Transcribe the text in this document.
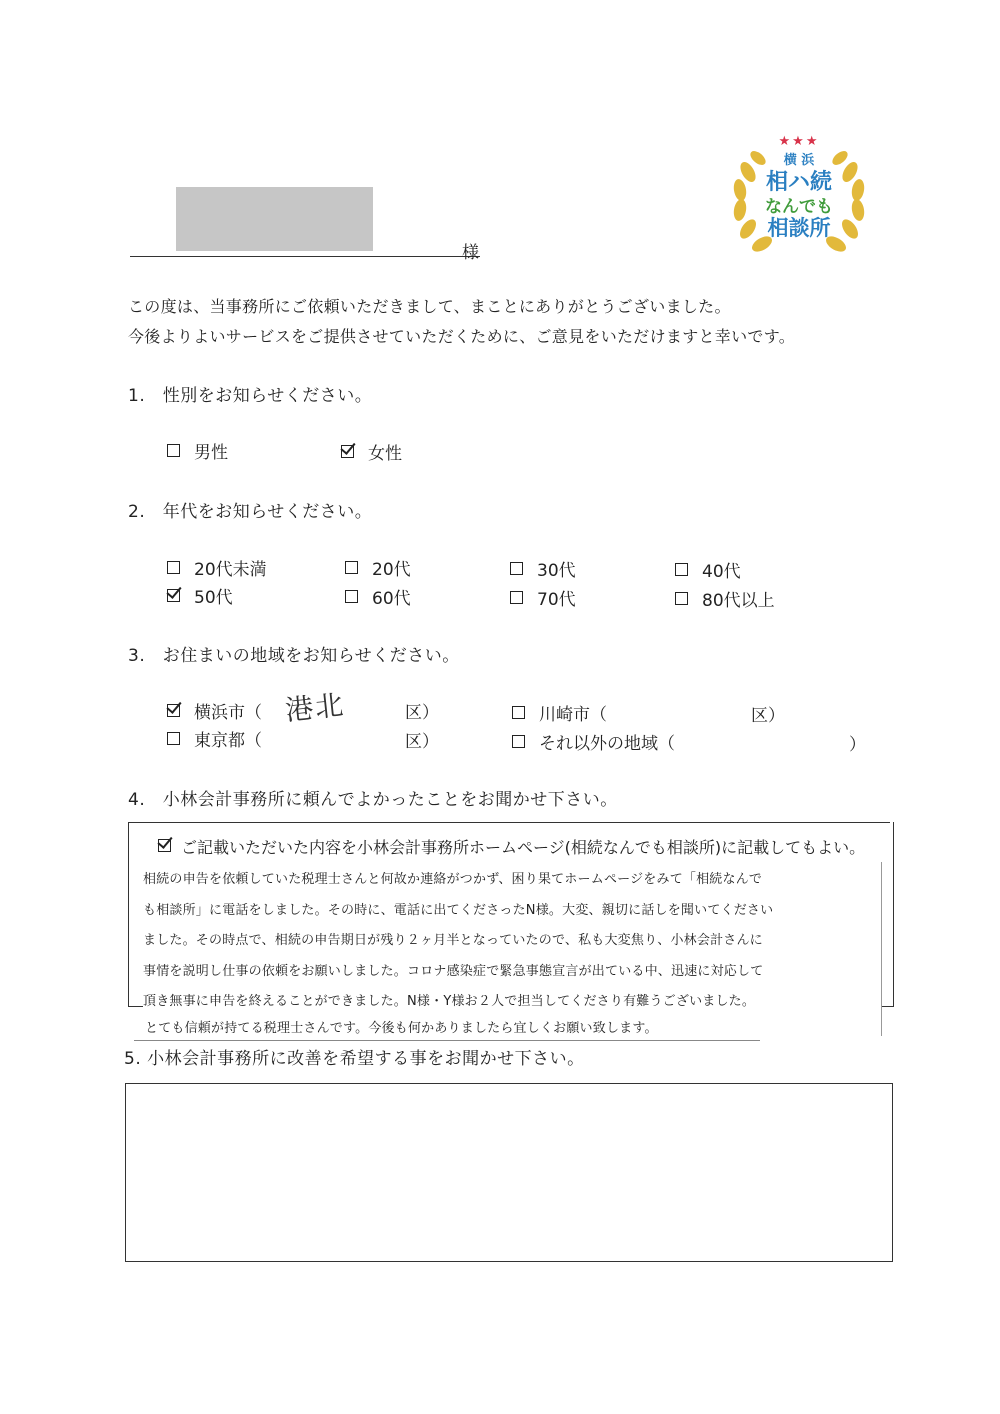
様
★★★
横 浜
相ハ続
なんでも
相談所
この度は、当事務所にご依頼いただきまして、まことにありがとうございました。
今後よりよいサービスをご提供させていただくために、ご意見をいただけますと幸いです。
1.　性別をお知らせください。
男性	女性
2.　年代をお知らせください。
20代未満	20代	30代	40代
50代	60代	70代	80代以上
3.　お住まいの地域をお知らせください。
横浜市（ 港北	区）	川崎市（	区）
東京都（	区）	それ以外の地域（	）
4.　小林会計事務所に頼んでよかったことをお聞かせ下さい。
ご記載いただいた内容を小林会計事務所ホームページ(相続なんでも相談所)に記載してもよい。
相続の申告を依頼していた税理士さんと何故か連絡がつかず、困り果てホームページをみて「相続なんで
も相談所」に電話をしました。その時に、電話に出てくださったN様。大変、親切に話しを聞いてください
ました。その時点で、相続の申告期日が残り２ヶ月半となっていたので、私も大変焦り、小林会計さんに
事情を説明し仕事の依頼をお願いしました。コロナ感染症で緊急事態宣言が出ている中、迅速に対応して
頂き無事に申告を終えることができました。N様・Y様お２人で担当してくださり有難うございました。
とても信頼が持てる税理士さんです。今後も何かありましたら宜しくお願い致します。
5. 小林会計事務所に改善を希望する事をお聞かせ下さい。
